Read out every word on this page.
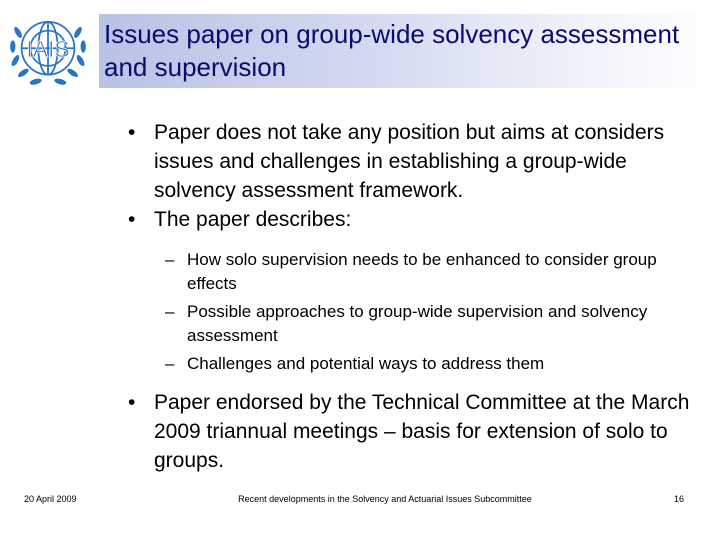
IAIS
Issues paper on group-wide solvency assessment and supervision
• Paper does not take any position but aims at considers issues and challenges in establishing a group-wide solvency assessment framework.
• The paper describes:
– How solo supervision needs to be enhanced to consider group effects
– Possible approaches to group-wide supervision and solvency assessment
– Challenges and potential ways to address them
• Paper endorsed by the Technical Committee at the March 2009 triannual meetings – basis for extension of solo to groups.
20 April 2009	Recent developments in the Solvency and Actuarial Issues Subcommittee	16
